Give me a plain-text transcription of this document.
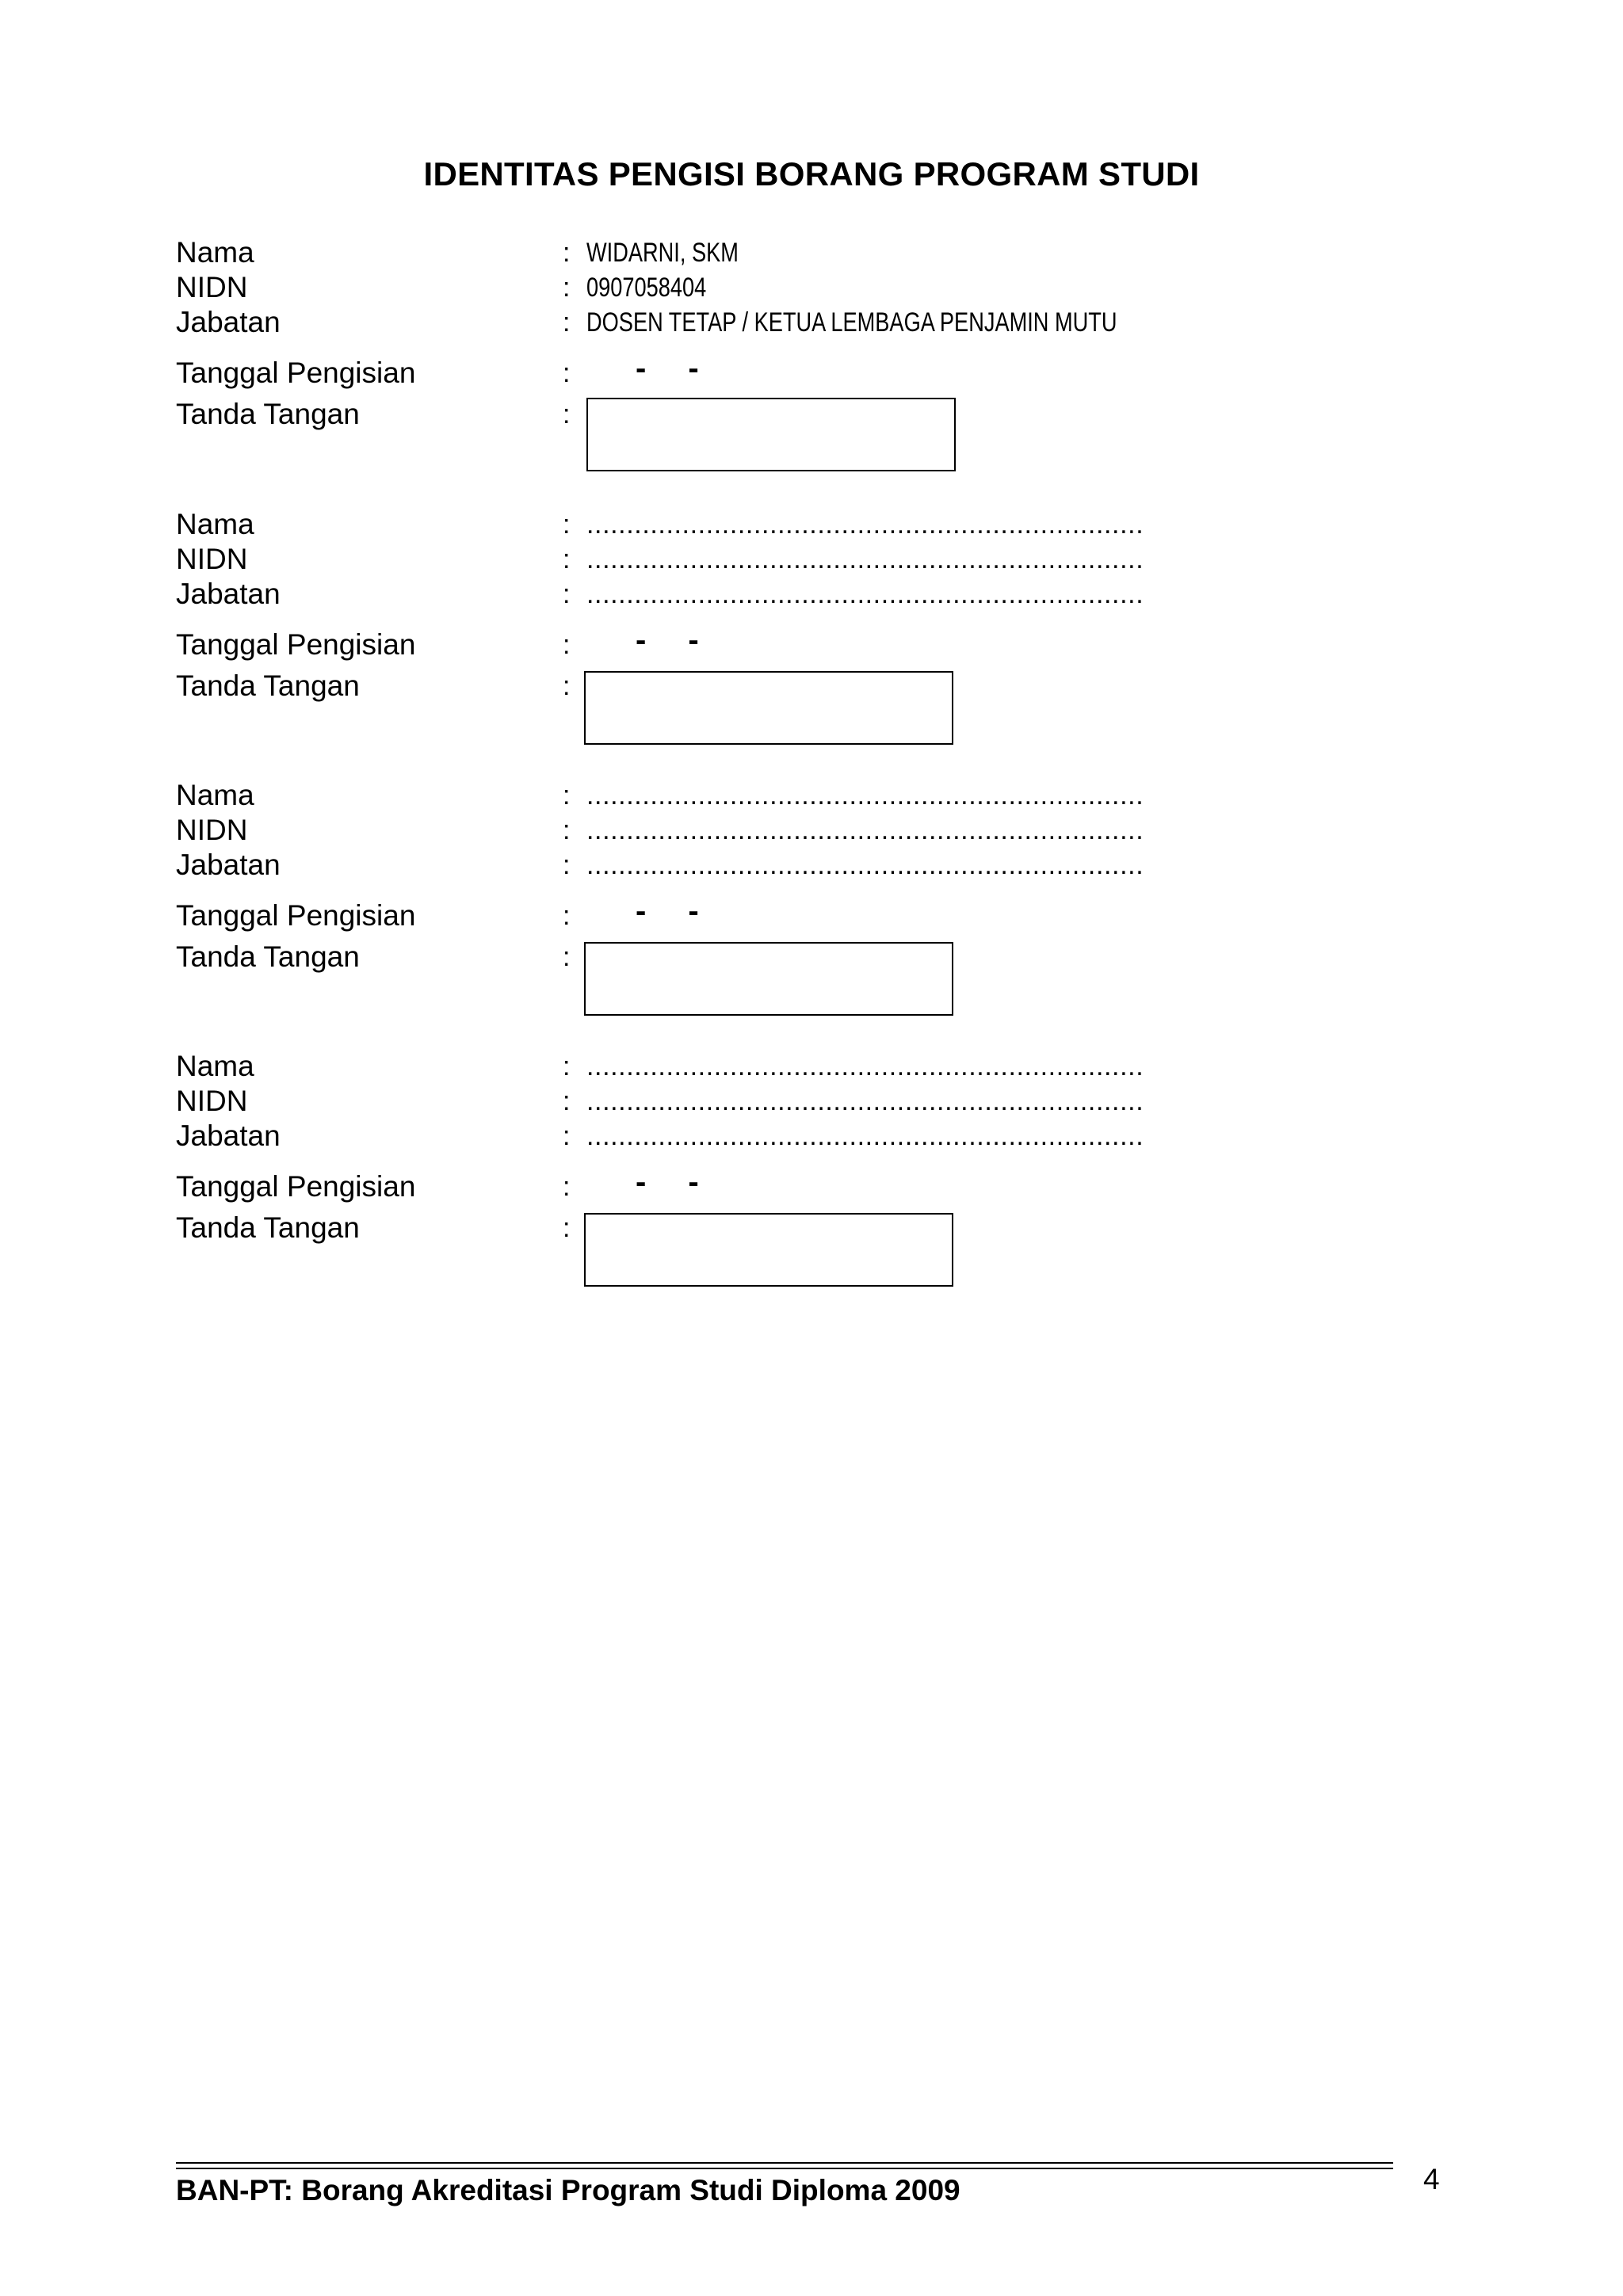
IDENTITAS PENGISI BORANG PROGRAM STUDI
Nama	: WIDARNI, SKM
NIDN	: 0907058404
Jabatan	: DOSEN TETAP / KETUA LEMBAGA PENJAMIN MUTU
Tanggal Pengisian	: - -
Tanda Tangan	:
Nama	: ......................................................................
NIDN	: ......................................................................
Jabatan	: ......................................................................
Tanggal Pengisian	: - -
Tanda Tangan	:
Nama	: ......................................................................
NIDN	: ......................................................................
Jabatan	: ......................................................................
Tanggal Pengisian	: - -
Tanda Tangan	:
Nama	: ......................................................................
NIDN	: ......................................................................
Jabatan	: ......................................................................
Tanggal Pengisian	: - -
Tanda Tangan	:
BAN-PT: Borang Akreditasi Program Studi Diploma 2009	4
